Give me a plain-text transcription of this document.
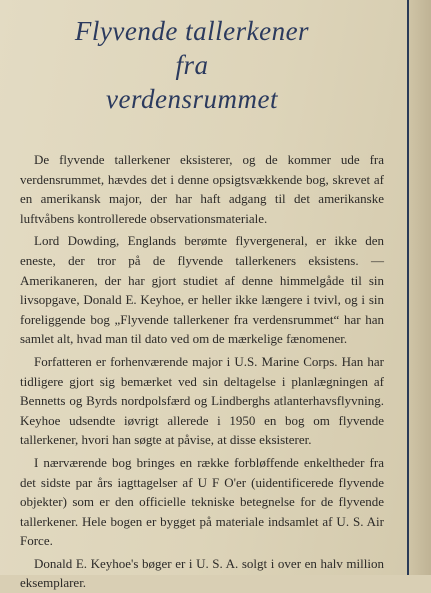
Flyvende tallerkener
fra
verdensrummet

De flyvende tallerkener eksisterer, og de kommer ude fra verdensrummet, hævdes det i denne opsigtsvækkende bog, skrevet af en amerikansk major, der har haft adgang til det amerikanske luftvåbens kontrollerede observationsmateriale.

Lord Dowding, Englands berømte flyvergeneral, er ikke den eneste, der tror på de flyvende tallerkeners eksistens. — Amerikaneren, der har gjort studiet af denne himmelgåde til sin livsopgave, Donald E. Keyhoe, er heller ikke længere i tvivl, og i sin foreliggende bog „Flyvende tallerkener fra verdensrummet“ har han samlet alt, hvad man til dato ved om de mærkelige fænomener.

Forfatteren er forhenværende major i U.S. Marine Corps. Han har tidligere gjort sig bemærket ved sin deltagelse i planlægningen af Bennetts og Byrds nordpolsfærd og Lindberghs atlanterhavsflyvning. Keyhoe udsendte iøvrigt allerede i 1950 en bog om flyvende tallerkener, hvori han søgte at påvise, at disse eksisterer.

I nærværende bog bringes en række forbløffende enkeltheder fra det sidste par års iagttagelser af U F O'er (uidentificerede flyvende objekter) som er den officielle tekniske betegnelse for de flyvende tallerkener. Hele bogen er bygget på materiale indsamlet af U. S. Air Force.

Donald E. Keyhoe's bøger er i U. S. A. solgt i over en halv million eksemplarer.
